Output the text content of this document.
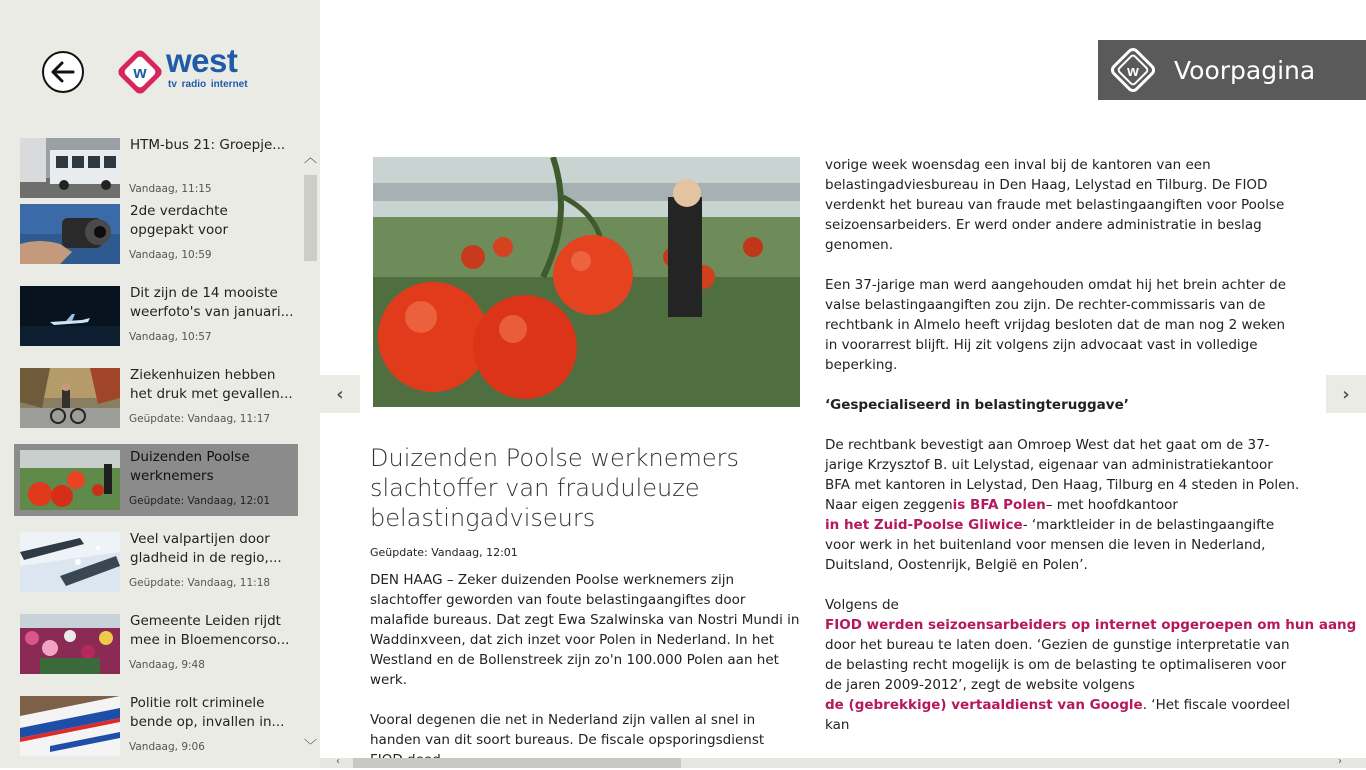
w west
tv radio internet
HTM-bus 21: Groepje...
Vandaag, 11:15
2de verdachte opgepakt voor
Vandaag, 10:59
Dit zijn de 14 mooiste weerfoto's van januari...
Vandaag, 10:57
Ziekenhuizen hebben het druk met gevallen...
Geüpdate: Vandaag, 11:17
Duizenden Poolse werknemers
Geüpdate: Vandaag, 12:01
Veel valpartijen door gladheid in de regio,...
Geüpdate: Vandaag, 11:18
Gemeente Leiden rijdt mee in Bloemencorso...
Vandaag, 9:48
Politie rolt criminele bende op, invallen in...
Vandaag, 9:06
︿
﹀
w Voorpagina
‹	›
Duizenden Poolse werknemers slachtoffer van frauduleuze belastingadviseurs
Geüpdate: Vandaag, 12:01

DEN HAAG – Zeker duizenden Poolse werknemers zijn slachtoffer geworden van foute belastingaangiftes door malafide bureaus. Dat zegt Ewa Szalwinska van Nostri Mundi in Waddinxveen, dat zich inzet voor Polen in Nederland. In het Westland en de Bollenstreek zijn zo'n 100.000 Polen aan het werk.

Vooral degenen die net in Nederland zijn vallen al snel in handen van dit soort bureaus. De fiscale opsporingsdienst

vorige week woensdag een inval bij de kantoren van een belastingadviesbureau in Den Haag, Lelystad en Tilburg. De FIOD verdenkt het bureau van fraude met belastingaangiften voor Poolse seizoensarbeiders. Er werd onder andere administratie in beslag genomen.

Een 37-jarige man werd aangehouden omdat hij het brein achter de valse belastingaangiften zou zijn. De rechter-commissaris van de rechtbank in Almelo heeft vrijdag besloten dat de man nog 2 weken in voorarrest blijft. Hij zit volgens zijn advocaat vast in volledige beperking.

‘Gespecialiseerd in belastingteruggave’

De rechtbank bevestigt aan Omroep West dat het gaat om de 37-jarige Krzysztof B. uit Lelystad, eigenaar van administratiekantoor BFA met kantoren in Lelystad, Den Haag, Tilburg en 4 steden in Polen. Naar eigen zeggenis BFA Polen– met hoofdkantoor
in het Zuid-Poolse Gliwice- ‘marktleider in de belastingaangifte voor werk in het buitenland voor mensen die leven in Nederland, Duitsland, Oostenrijk, België en Polen’.

Volgens de
FIOD werden seizoensarbeiders op internet opgeroepen om hun aang
door het bureau te laten doen. ‘Gezien de gunstige interpretatie van de belasting recht mogelijk is om de belasting te optimaliseren voor de jaren 2009-2012’, zegt de website volgens
de (gebrekkige) vertaaldienst van Google. ‘Het fiscale voordeel kan

‹	›
